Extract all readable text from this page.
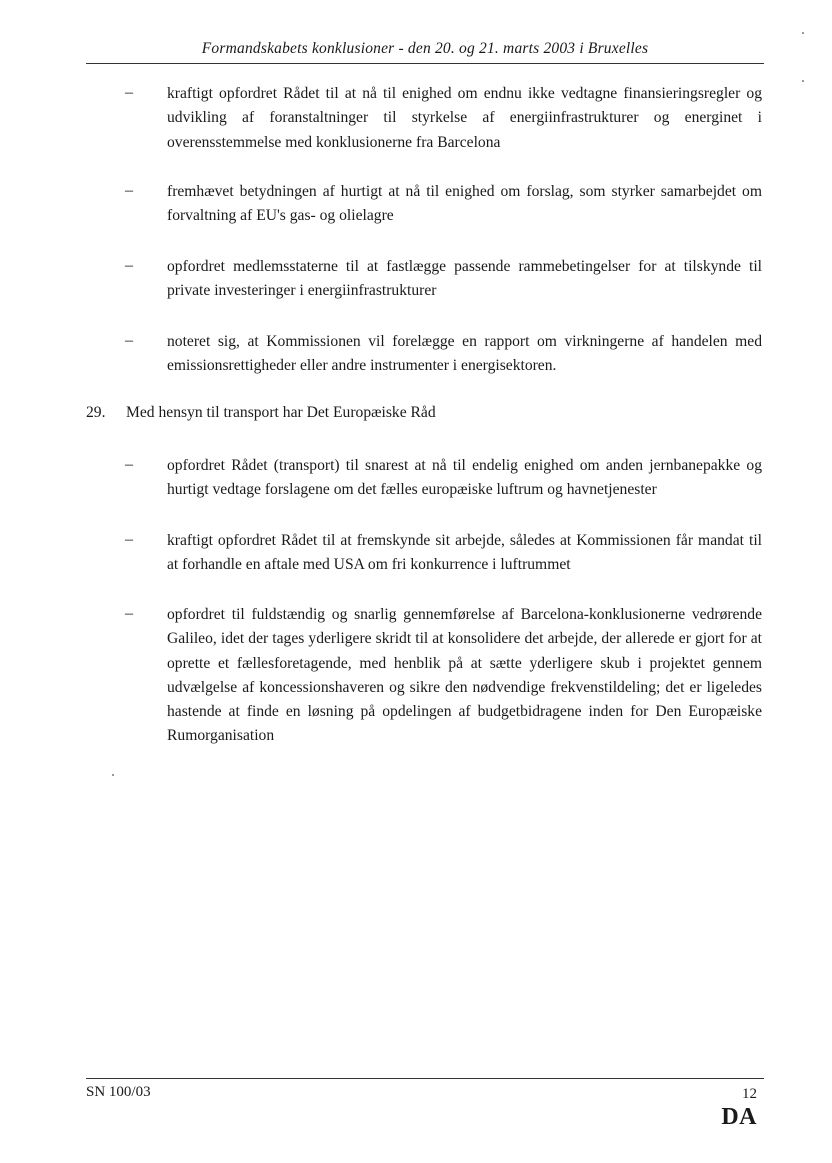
Formandskabets konklusioner - den 20. og 21. marts 2003 i Bruxelles
– kraftigt opfordret Rådet til at nå til enighed om endnu ikke vedtagne finansieringsregler og udvikling af foranstaltninger til styrkelse af energiinfrastrukturer og energinet i overensstemmelse med konklusionerne fra Barcelona
– fremhævet betydningen af hurtigt at nå til enighed om forslag, som styrker samarbejdet om forvaltning af EU's gas- og olielagre
– opfordret medlemsstaterne til at fastlægge passende rammebetingelser for at tilskynde til private investeringer i energiinfrastrukturer
– noteret sig, at Kommissionen vil forelægge en rapport om virkningerne af handelen med emissionsrettigheder eller andre instrumenter i energisektoren.
29. Med hensyn til transport har Det Europæiske Råd
– opfordret Rådet (transport) til snarest at nå til endelig enighed om anden jernbanepakke og hurtigt vedtage forslagene om det fælles europæiske luftrum og havnetjenester
– kraftigt opfordret Rådet til at fremskynde sit arbejde, således at Kommissionen får mandat til at forhandle en aftale med USA om fri konkurrence i luftrummet
– opfordret til fuldstændig og snarlig gennemførelse af Barcelona-konklusionerne vedrørende Galileo, idet der tages yderligere skridt til at konsolidere det arbejde, der allerede er gjort for at oprette et fællesforetagende, med henblik på at sætte yderligere skub i projektet gennem udvælgelse af koncessionshaveren og sikre den nødvendige frekvenstildeling; det er ligeledes hastende at finde en løsning på opdelingen af budgetbidragene inden for Den Europæiske Rumorganisation
SN 100/03	12
DA
